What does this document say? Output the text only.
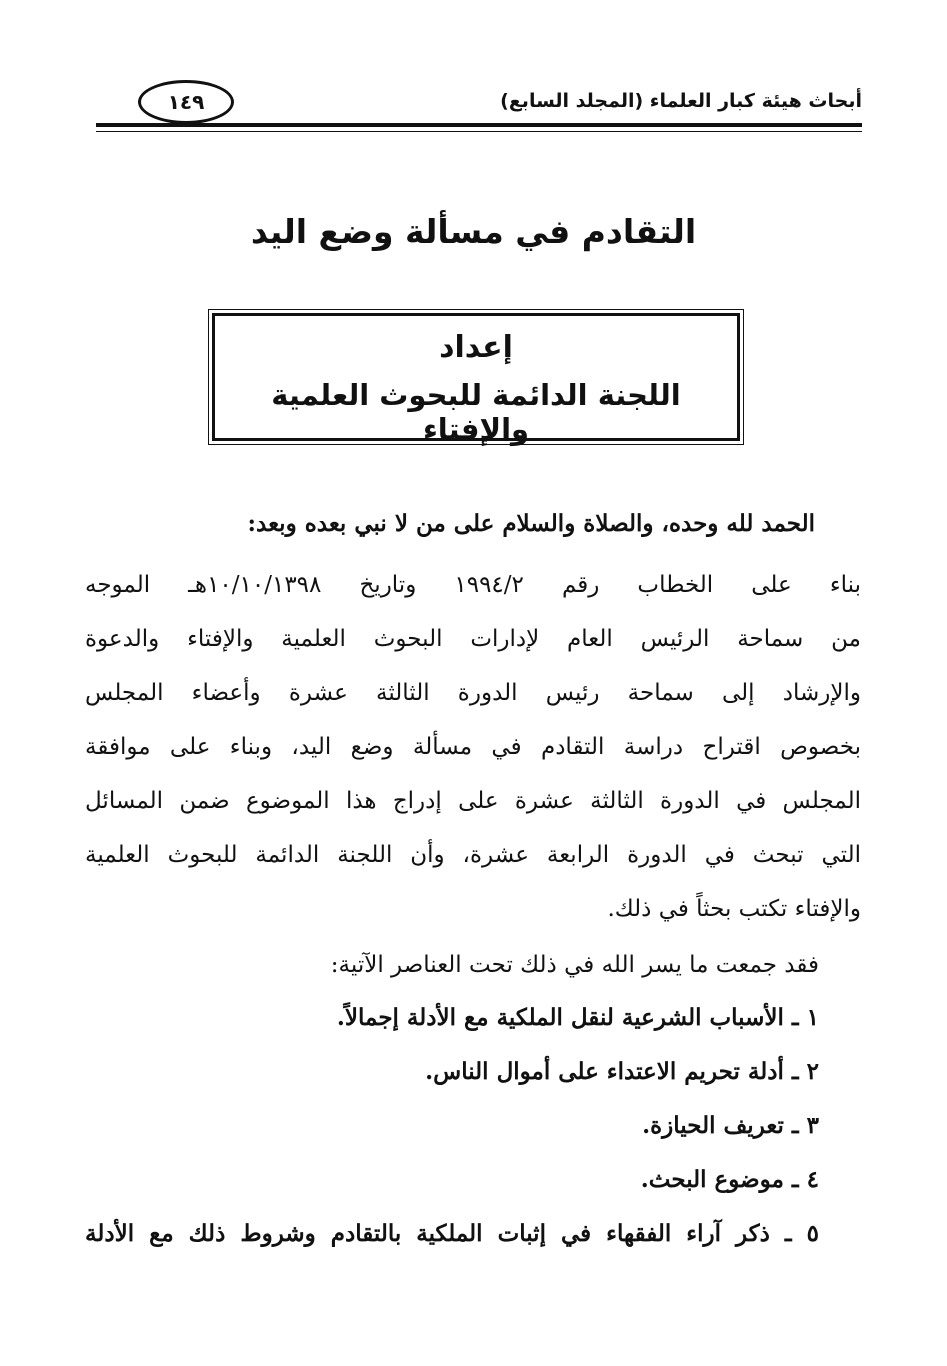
١٤٩	أبحاث هيئة كبار العلماء (المجلد السابع)
التقادم في مسألة وضع اليد
إعداد
اللجنة الدائمة للبحوث العلمية والإفتاء
الحمد لله وحده، والصلاة والسلام على من لا نبي بعده وبعد:
بناء على الخطاب رقم ١٩٩٤/٢ وتاريخ ١٠/١٠/١٣٩٨هـ الموجه
من سماحة الرئيس العام لإدارات البحوث العلمية والإفتاء والدعوة
والإرشاد إلى سماحة رئيس الدورة الثالثة عشرة وأعضاء المجلس
بخصوص اقتراح دراسة التقادم في مسألة وضع اليد، وبناء على موافقة
المجلس في الدورة الثالثة عشرة على إدراج هذا الموضوع ضمن المسائل
التي تبحث في الدورة الرابعة عشرة، وأن اللجنة الدائمة للبحوث العلمية
والإفتاء تكتب بحثاً في ذلك.
فقد جمعت ما يسر الله في ذلك تحت العناصر الآتية:
١ ـ الأسباب الشرعية لنقل الملكية مع الأدلة إجمالاً.
٢ ـ أدلة تحريم الاعتداء على أموال الناس.
٣ ـ تعريف الحيازة.
٤ ـ موضوع البحث.
٥ ـ ذكر آراء الفقهاء في إثبات الملكية بالتقادم وشروط ذلك مع الأدلة
